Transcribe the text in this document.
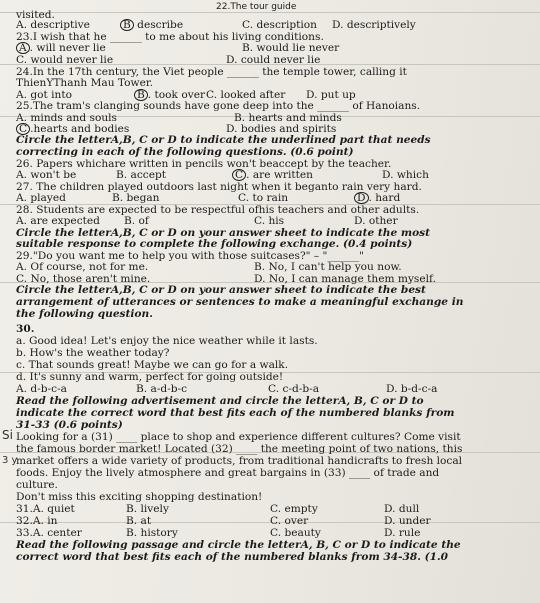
22.The tour guide
visited.
A. descriptive	B describe	C. description D. descriptively
23.I wish that he ______ to me about his living conditions.
A . will never lie	B. would lie never
C. would never lie	D. could never lie
24.In the 17th century, the Viet people ______ the temple tower, calling it
ThienYThanh Mau Tower.
A. got into	B . took over C. looked after D. put up
25.The tram's clanging sounds have gone deep into the ______ of Hanoians.
A. minds and souls	B. hearts and minds
C .hearts and bodies	D. bodies and spirits
Circle the letterA,B, C or D to indicate the underlined part that needs
correcting in each of the following questions. (0.6 point)
26. Papers whichare written in pencils won't beaccept by the teacher.
A. won't be	B. accept	C . are written	D. which
27. The children played outdoors last night when it beganto rain very hard.
A. played	B. began	C. to rain	D . hard
28. Students are expected to be respectful ofhis teachers and other adults.
A. are expected B. of	C. his	D. other
Circle the letterA,B, C or D on your answer sheet to indicate the most
suitable response to complete the following exchange. (0.4 points)
29."Do you want me to help you with those suitcases?" – "______"
A. Of course, not for me.	B. No, I can't help you now.
C. No, those aren't mine.	D. No, I can manage them myself.
Circle the letterA,B, C or D on your answer sheet to indicate the best
arrangement of utterances or sentences to make a meaningful exchange in
the following question.
30.
a. Good idea! Let's enjoy the nice weather while it lasts.
b. How's the weather today?
c. That sounds great! Maybe we can go for a walk.
d. It's sunny and warm, perfect for going outside!
A. d-b-c-a	B. a-d-b-c	C. c-d-b-a	D. b-d-c-a
Read the following advertisement and circle the letterA, B, C or D to
indicate the correct word that best fits each of the numbered blanks from
31-33 (0.6 points)
Si Looking for a (31) ____ place to shop and experience different cultures? Come visit
the famous border market! Located (32) ____ the meeting point of two nations, this
3 y
market offers a wide variety of products, from traditional handicrafts to fresh local
foods. Enjoy the lively atmosphere and great bargains in (33) ____ of trade and
culture.
Don't miss this exciting shopping destination!
31.A. quiet	B. lively	C. empty	D. dull
32.A. in	B. at	C. over	D. under
33.A. center	B. history	C. beauty	D. rule
Read the following passage and circle the letterA, B, C or D to indicate the
correct word that best fits each of the numbered blanks from 34-38. (1.0
